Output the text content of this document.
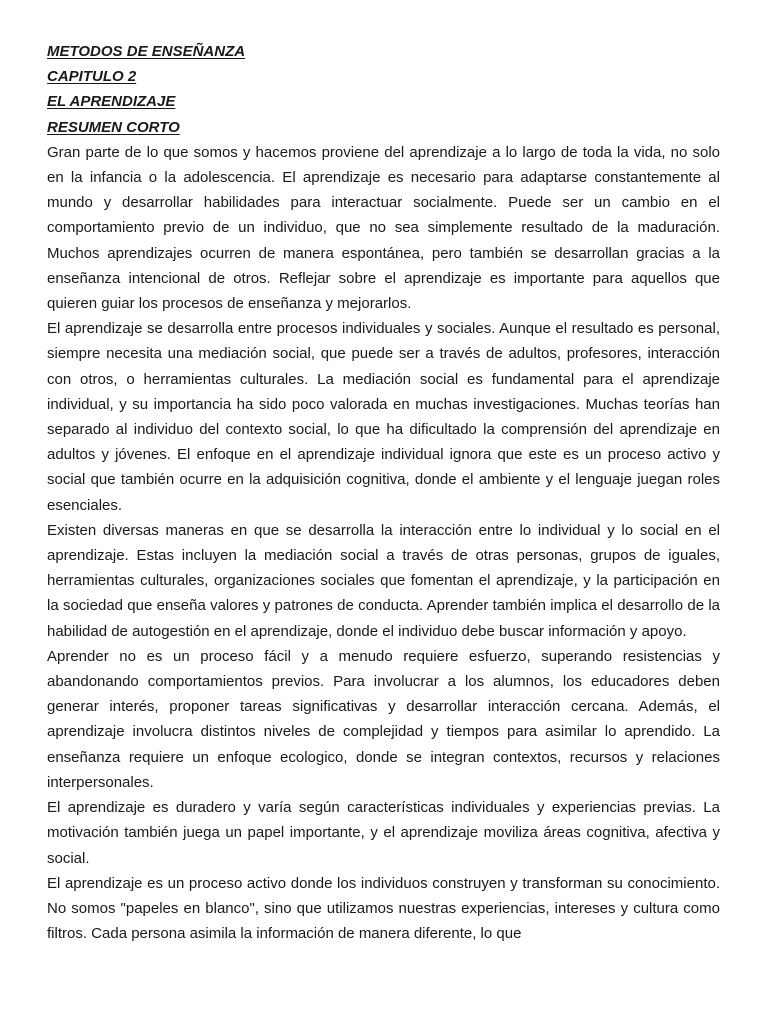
METODOS DE ENSEÑANZA
CAPITULO 2
EL APRENDIZAJE
RESUMEN CORTO

Gran parte de lo que somos y hacemos proviene del aprendizaje a lo largo de toda la vida, no solo en la infancia o la adolescencia. El aprendizaje es necesario para adaptarse constantemente al mundo y desarrollar habilidades para interactuar socialmente. Puede ser un cambio en el comportamiento previo de un individuo, que no sea simplemente resultado de la maduración. Muchos aprendizajes ocurren de manera espontánea, pero también se desarrollan gracias a la enseñanza intencional de otros. Reflejar sobre el aprendizaje es importante para aquellos que quieren guiar los procesos de enseñanza y mejorarlos.

El aprendizaje se desarrolla entre procesos individuales y sociales. Aunque el resultado es personal, siempre necesita una mediación social, que puede ser a través de adultos, profesores, interacción con otros, o herramientas culturales. La mediación social es fundamental para el aprendizaje individual, y su importancia ha sido poco valorada en muchas investigaciones. Muchas teorías han separado al individuo del contexto social, lo que ha dificultado la comprensión del aprendizaje en adultos y jóvenes. El enfoque en el aprendizaje individual ignora que este es un proceso activo y social que también ocurre en la adquisición cognitiva, donde el ambiente y el lenguaje juegan roles esenciales.

Existen diversas maneras en que se desarrolla la interacción entre lo individual y lo social en el aprendizaje. Estas incluyen la mediación social a través de otras personas, grupos de iguales, herramientas culturales, organizaciones sociales que fomentan el aprendizaje, y la participación en la sociedad que enseña valores y patrones de conducta. Aprender también implica el desarrollo de la habilidad de autogestión en el aprendizaje, donde el individuo debe buscar información y apoyo.

Aprender no es un proceso fácil y a menudo requiere esfuerzo, superando resistencias y abandonando comportamientos previos. Para involucrar a los alumnos, los educadores deben generar interés, proponer tareas significativas y desarrollar interacción cercana. Además, el aprendizaje involucra distintos niveles de complejidad y tiempos para asimilar lo aprendido. La enseñanza requiere un enfoque ecologico, donde se integran contextos, recursos y relaciones interpersonales.

El aprendizaje es duradero y varía según características individuales y experiencias previas. La motivación también juega un papel importante, y el aprendizaje moviliza áreas cognitiva, afectiva y social.

El aprendizaje es un proceso activo donde los individuos construyen y transforman su conocimiento. No somos "papeles en blanco", sino que utilizamos nuestras experiencias, intereses y cultura como filtros. Cada persona asimila la información de manera diferente, lo que
